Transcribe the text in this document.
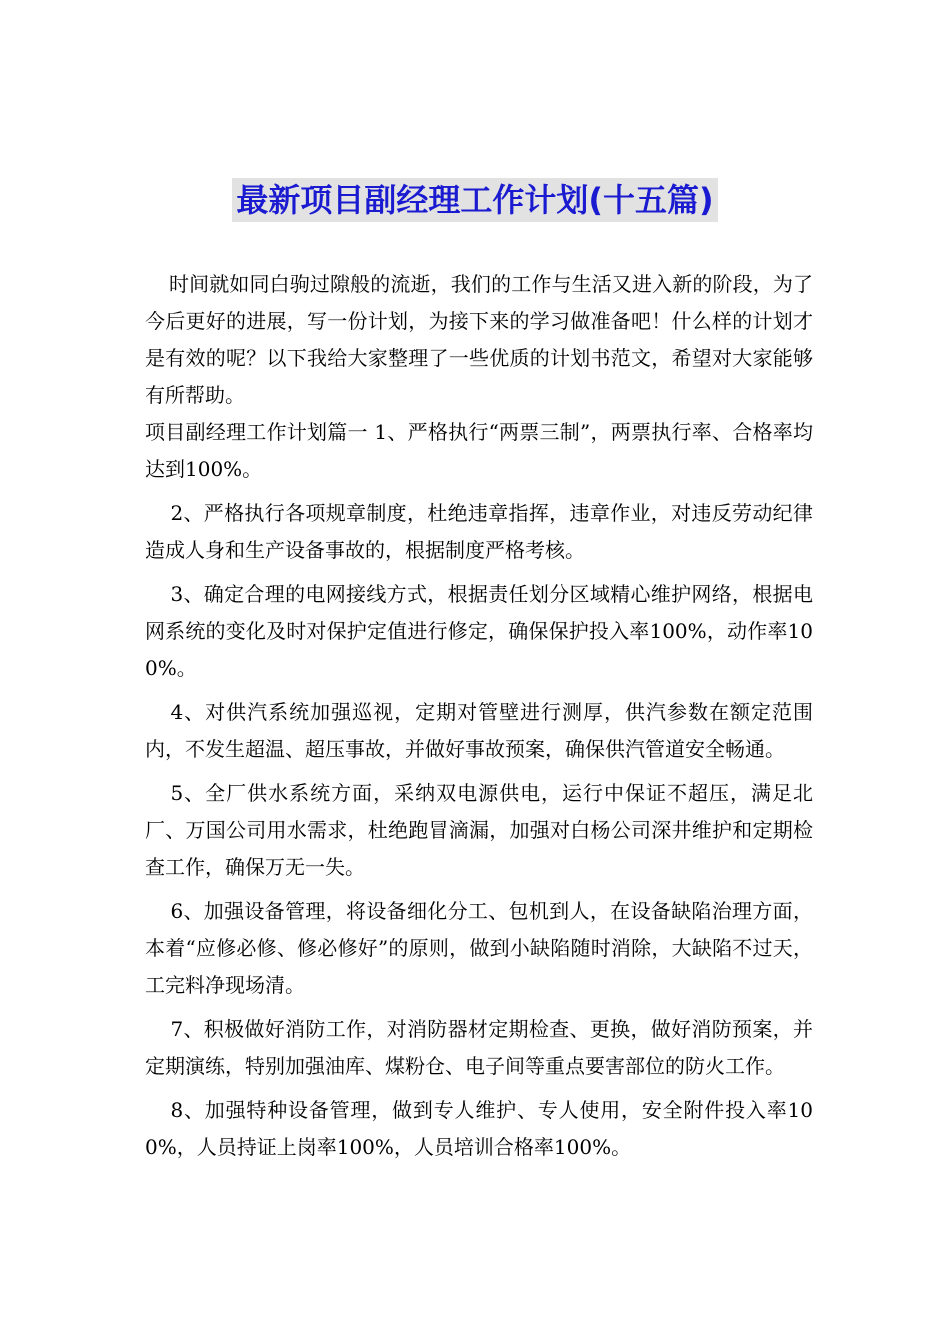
最新项目副经理工作计划(十五篇)

时间就如同白驹过隙般的流逝，我们的工作与生活又进入新的阶段，为了今后更好的进展，写一份计划，为接下来的学习做准备吧！什么样的计划才是有效的呢？以下我给大家整理了一些优质的计划书范文，希望对大家能够有所帮助。

项目副经理工作计划篇一 1、严格执行“两票三制”，两票执行率、合格率均达到100%。

2、严格执行各项规章制度，杜绝违章指挥，违章作业，对违反劳动纪律造成人身和生产设备事故的，根据制度严格考核。

3、确定合理的电网接线方式，根据责任划分区域精心维护网络，根据电网系统的变化及时对保护定值进行修定，确保保护投入率100%，动作率100%。

4、对供汽系统加强巡视，定期对管壁进行测厚，供汽参数在额定范围内，不发生超温、超压事故，并做好事故预案，确保供汽管道安全畅通。

5、全厂供水系统方面，采纳双电源供电，运行中保证不超压，满足北厂、万国公司用水需求，杜绝跑冒滴漏，加强对白杨公司深井维护和定期检查工作，确保万无一失。

6、加强设备管理，将设备细化分工、包机到人，在设备缺陷治理方面，本着“应修必修、修必修好”的原则，做到小缺陷随时消除，大缺陷不过天，工完料净现场清。

7、积极做好消防工作，对消防器材定期检查、更换，做好消防预案，并定期演练，特别加强油库、煤粉仓、电子间等重点要害部位的防火工作。

8、加强特种设备管理，做到专人维护、专人使用，安全附件投入率100%，人员持证上岗率100%，人员培训合格率100%。
